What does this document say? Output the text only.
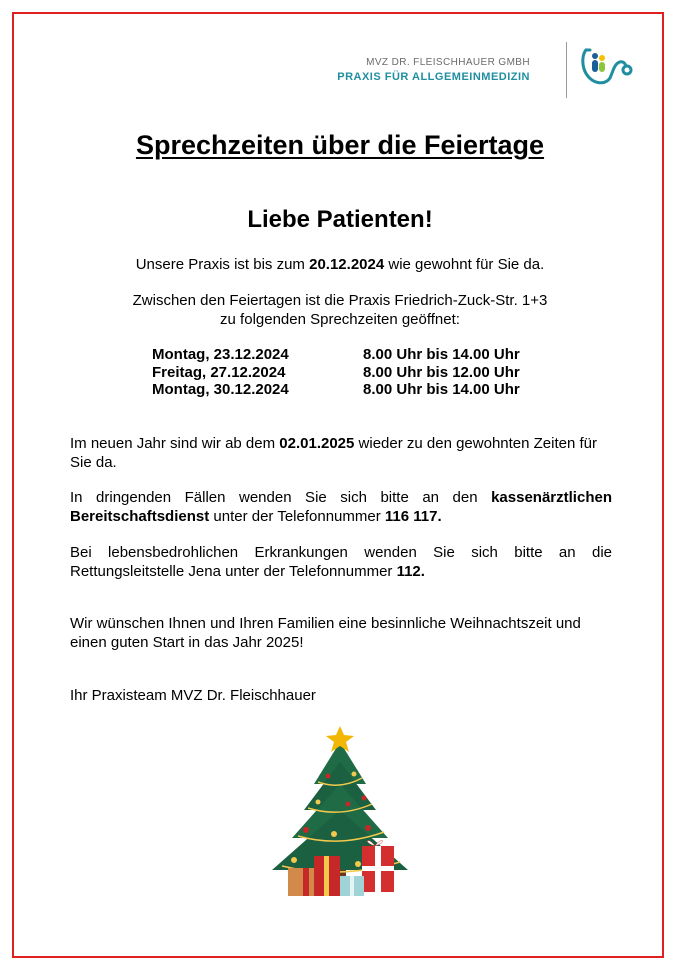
MVZ DR. FLEISCHHAUER GMBH
PRAXIS FÜR ALLGEMEINMEDIZIN
Sprechzeiten über die Feiertage
Liebe Patienten!
Unsere Praxis ist bis zum 20.12.2024 wie gewohnt für Sie da.
Zwischen den Feiertagen ist die Praxis Friedrich-Zuck-Str. 1+3
zu folgenden Sprechzeiten geöffnet:
Montag, 23.12.2024	8.00 Uhr bis 14.00 Uhr
Freitag, 27.12.2024	8.00 Uhr bis 12.00 Uhr
Montag, 30.12.2024	8.00 Uhr bis 14.00 Uhr
Im neuen Jahr sind wir ab dem 02.01.2025 wieder zu den gewohnten Zeiten für Sie da.
In dringenden Fällen wenden Sie sich bitte an den kassenärztlichen Bereitschaftsdienst unter der Telefonnummer 116 117.
Bei lebensbedrohlichen Erkrankungen wenden Sie sich bitte an die Rettungsleitstelle Jena unter der Telefonnummer 112.
Wir wünschen Ihnen und Ihren Familien eine besinnliche Weihnachtszeit und einen guten Start in das Jahr 2025!
Ihr Praxisteam MVZ Dr. Fleischhauer
